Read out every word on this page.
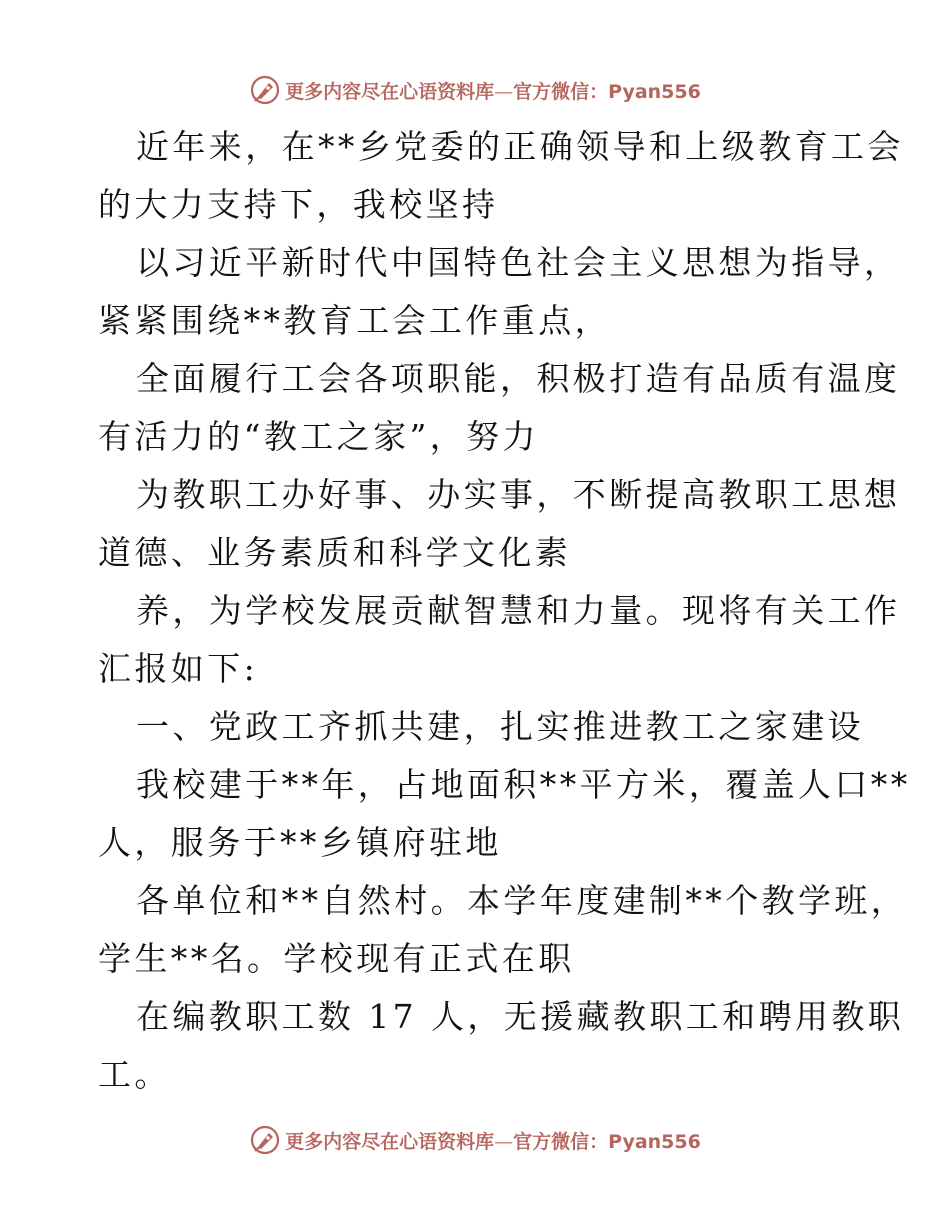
更多内容尽在心语资料库—官方微信：Pyan556
近年来，在**乡党委的正确领导和上级教育工会
的大力支持下，我校坚持
以习近平新时代中国特色社会主义思想为指导，
紧紧围绕**教育工会工作重点，
全面履行工会各项职能，积极打造有品质有温度
有活力的“教工之家”，努力
为教职工办好事、办实事，不断提高教职工思想
道德、业务素质和科学文化素
养，为学校发展贡献智慧和力量。现将有关工作
汇报如下:
一、党政工齐抓共建，扎实推进教工之家建设
我校建于**年，占地面积**平方米，覆盖人口**
人，服务于**乡镇府驻地
各单位和**自然村。本学年度建制**个教学班，
学生**名。学校现有正式在职
在编教职工数 17 人，无援藏教职工和聘用教职
工。
更多内容尽在心语资料库—官方微信：Pyan556
